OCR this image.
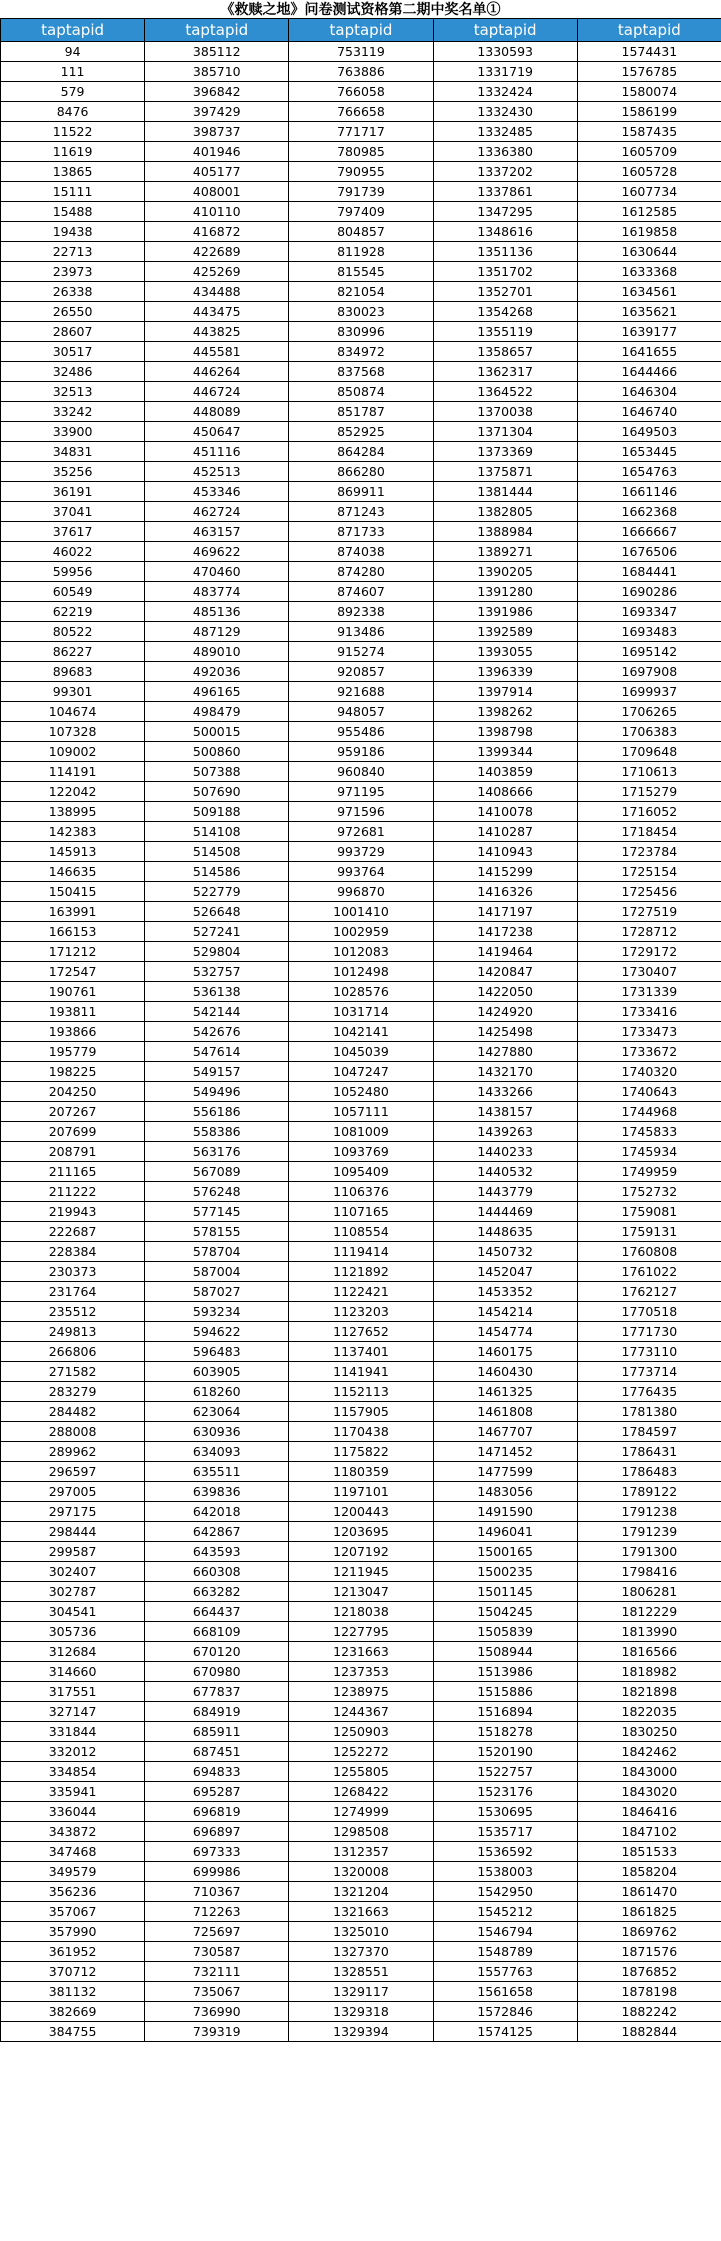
《救赎之地》问卷测试资格第二期中奖名单①
taptapid	taptapid	taptapid	taptapid	taptapid
94	385112	753119	1330593	1574431
111	385710	763886	1331719	1576785
579	396842	766058	1332424	1580074
8476	397429	766658	1332430	1586199
11522	398737	771717	1332485	1587435
11619	401946	780985	1336380	1605709
13865	405177	790955	1337202	1605728
15111	408001	791739	1337861	1607734
15488	410110	797409	1347295	1612585
19438	416872	804857	1348616	1619858
22713	422689	811928	1351136	1630644
23973	425269	815545	1351702	1633368
26338	434488	821054	1352701	1634561
26550	443475	830023	1354268	1635621
28607	443825	830996	1355119	1639177
30517	445581	834972	1358657	1641655
32486	446264	837568	1362317	1644466
32513	446724	850874	1364522	1646304
33242	448089	851787	1370038	1646740
33900	450647	852925	1371304	1649503
34831	451116	864284	1373369	1653445
35256	452513	866280	1375871	1654763
36191	453346	869911	1381444	1661146
37041	462724	871243	1382805	1662368
37617	463157	871733	1388984	1666667
46022	469622	874038	1389271	1676506
59956	470460	874280	1390205	1684441
60549	483774	874607	1391280	1690286
62219	485136	892338	1391986	1693347
80522	487129	913486	1392589	1693483
86227	489010	915274	1393055	1695142
89683	492036	920857	1396339	1697908
99301	496165	921688	1397914	1699937
104674	498479	948057	1398262	1706265
107328	500015	955486	1398798	1706383
109002	500860	959186	1399344	1709648
114191	507388	960840	1403859	1710613
122042	507690	971195	1408666	1715279
138995	509188	971596	1410078	1716052
142383	514108	972681	1410287	1718454
145913	514508	993729	1410943	1723784
146635	514586	993764	1415299	1725154
150415	522779	996870	1416326	1725456
163991	526648	1001410	1417197	1727519
166153	527241	1002959	1417238	1728712
171212	529804	1012083	1419464	1729172
172547	532757	1012498	1420847	1730407
190761	536138	1028576	1422050	1731339
193811	542144	1031714	1424920	1733416
193866	542676	1042141	1425498	1733473
195779	547614	1045039	1427880	1733672
198225	549157	1047247	1432170	1740320
204250	549496	1052480	1433266	1740643
207267	556186	1057111	1438157	1744968
207699	558386	1081009	1439263	1745833
208791	563176	1093769	1440233	1745934
211165	567089	1095409	1440532	1749959
211222	576248	1106376	1443779	1752732
219943	577145	1107165	1444469	1759081
222687	578155	1108554	1448635	1759131
228384	578704	1119414	1450732	1760808
230373	587004	1121892	1452047	1761022
231764	587027	1122421	1453352	1762127
235512	593234	1123203	1454214	1770518
249813	594622	1127652	1454774	1771730
266806	596483	1137401	1460175	1773110
271582	603905	1141941	1460430	1773714
283279	618260	1152113	1461325	1776435
284482	623064	1157905	1461808	1781380
288008	630936	1170438	1467707	1784597
289962	634093	1175822	1471452	1786431
296597	635511	1180359	1477599	1786483
297005	639836	1197101	1483056	1789122
297175	642018	1200443	1491590	1791238
298444	642867	1203695	1496041	1791239
299587	643593	1207192	1500165	1791300
302407	660308	1211945	1500235	1798416
302787	663282	1213047	1501145	1806281
304541	664437	1218038	1504245	1812229
305736	668109	1227795	1505839	1813990
312684	670120	1231663	1508944	1816566
314660	670980	1237353	1513986	1818982
317551	677837	1238975	1515886	1821898
327147	684919	1244367	1516894	1822035
331844	685911	1250903	1518278	1830250
332012	687451	1252272	1520190	1842462
334854	694833	1255805	1522757	1843000
335941	695287	1268422	1523176	1843020
336044	696819	1274999	1530695	1846416
343872	696897	1298508	1535717	1847102
347468	697333	1312357	1536592	1851533
349579	699986	1320008	1538003	1858204
356236	710367	1321204	1542950	1861470
357067	712263	1321663	1545212	1861825
357990	725697	1325010	1546794	1869762
361952	730587	1327370	1548789	1871576
370712	732111	1328551	1557763	1876852
381132	735067	1329117	1561658	1878198
382669	736990	1329318	1572846	1882242
384755	739319	1329394	1574125	1882844
